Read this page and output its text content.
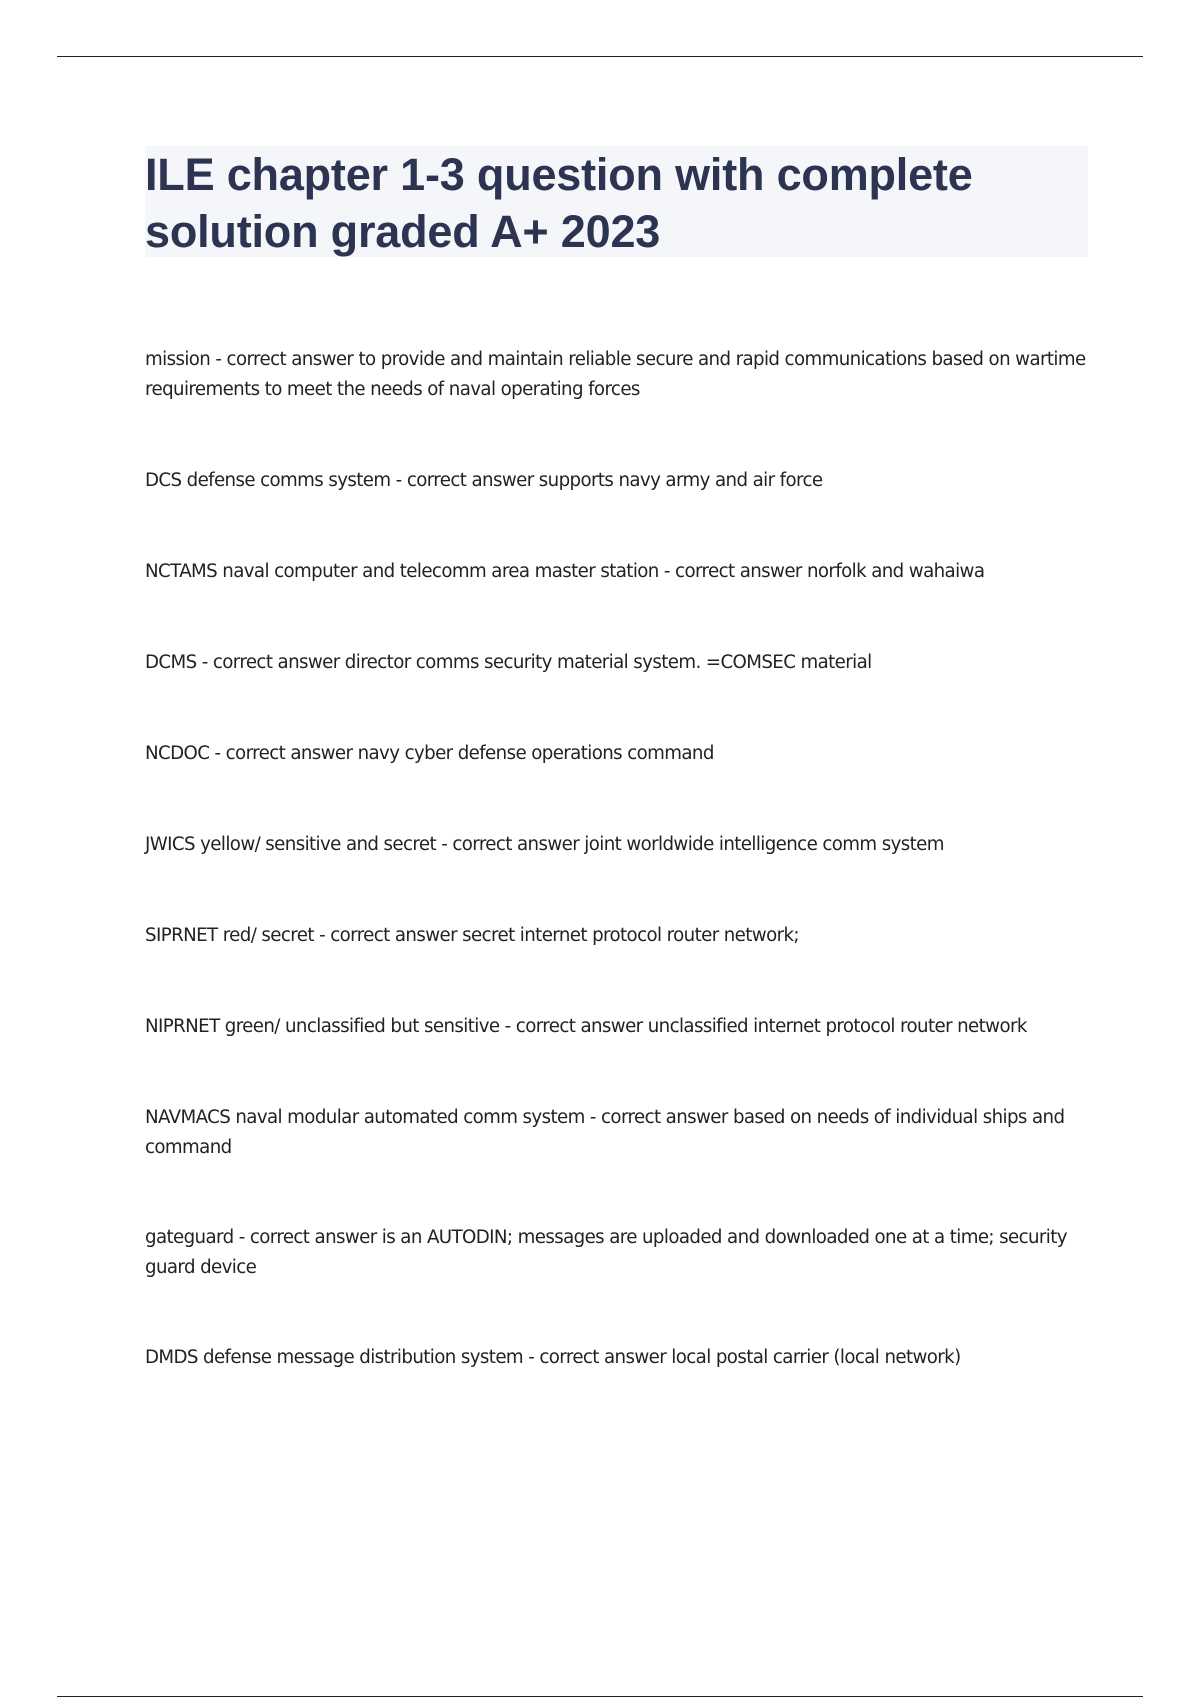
ILE chapter 1-3 question with complete solution graded A+ 2023
mission - correct answer to provide and maintain reliable secure and rapid communications based on wartime requirements to meet the needs of naval operating forces
DCS defense comms system - correct answer supports navy army and air force
NCTAMS naval computer and telecomm area master station - correct answer norfolk and wahaiwa
DCMS - correct answer director comms security material system. =COMSEC material
NCDOC - correct answer navy cyber defense operations command
JWICS yellow/ sensitive and secret - correct answer joint worldwide intelligence comm system
SIPRNET red/ secret - correct answer secret internet protocol router network;
NIPRNET green/ unclassified but sensitive - correct answer unclassified internet protocol router network
NAVMACS naval modular automated comm system - correct answer based on needs of individual ships and command
gateguard - correct answer is an AUTODIN; messages are uploaded and downloaded one at a time; security guard device
DMDS defense message distribution system - correct answer local postal carrier (local network)
